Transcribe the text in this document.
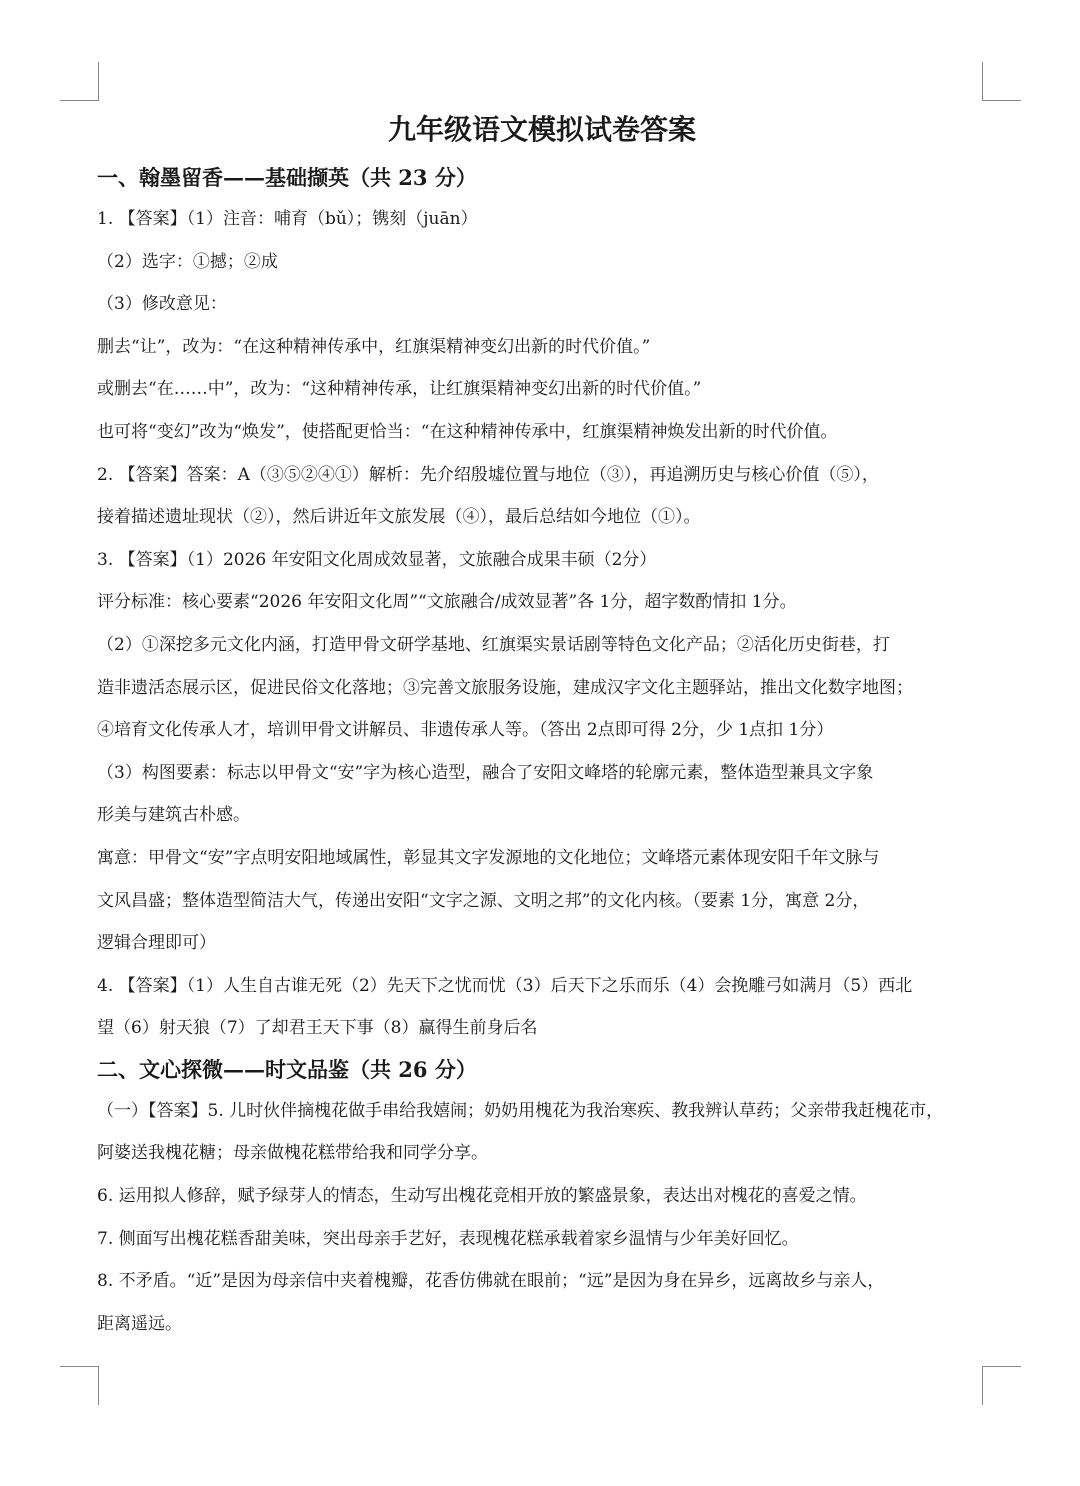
九年级语文模拟试卷答案
一、翰墨留香——基础撷英（共 23 分）

1. 【答案】（1）注音：哺育（bǔ）；镌刻（juān）

（2）选字：①撼；②成

（3）修改意见：

删去“让”，改为：“在这种精神传承中，红旗渠精神变幻出新的时代价值。”

或删去“在……中”，改为：“这种精神传承，让红旗渠精神变幻出新的时代价值。”

也可将“变幻”改为“焕发”，使搭配更恰当：“在这种精神传承中，红旗渠精神焕发出新的时代价值。

2. 【答案】答案：A（③⑤②④①）解析：先介绍殷墟位置与地位（③），再追溯历史与核心价值（⑤），

接着描述遗址现状（②），然后讲近年文旅发展（④），最后总结如今地位（①）。

3. 【答案】（1）2026 年安阳文化周成效显著，文旅融合成果丰硕（2分）

评分标准：核心要素“2026 年安阳文化周”“文旅融合/成效显著”各 1分，超字数酌情扣 1分。

（2）①深挖多元文化内涵，打造甲骨文研学基地、红旗渠实景话剧等特色文化产品；②活化历史街巷，打

造非遗活态展示区，促进民俗文化落地；③完善文旅服务设施，建成汉字文化主题驿站，推出文化数字地图；

④培育文化传承人才，培训甲骨文讲解员、非遗传承人等。（答出 2点即可得 2分，少 1点扣 1分）

（3）构图要素：标志以甲骨文“安”字为核心造型，融合了安阳文峰塔的轮廓元素，整体造型兼具文字象

形美与建筑古朴感。

寓意：甲骨文“安”字点明安阳地域属性，彰显其文字发源地的文化地位；文峰塔元素体现安阳千年文脉与

文风昌盛；整体造型简洁大气，传递出安阳“文字之源、文明之邦”的文化内核。（要素 1分，寓意 2分，

逻辑合理即可）

4. 【答案】（1）人生自古谁无死（2）先天下之忧而忧（3）后天下之乐而乐（4）会挽雕弓如满月（5）西北

望（6）射天狼（7）了却君王天下事（8）赢得生前身后名

二、文心探微——时文品鉴（共 26 分）

（一）【答案】5. 儿时伙伴摘槐花做手串给我嬉闹；奶奶用槐花为我治寒疾、教我辨认草药；父亲带我赶槐花市，

阿婆送我槐花糖；母亲做槐花糕带给我和同学分享。

6. 运用拟人修辞，赋予绿芽人的情态，生动写出槐花竞相开放的繁盛景象，表达出对槐花的喜爱之情。

7. 侧面写出槐花糕香甜美味，突出母亲手艺好，表现槐花糕承载着家乡温情与少年美好回忆。

8. 不矛盾。“近”是因为母亲信中夹着槐瓣，花香仿佛就在眼前；“远”是因为身在异乡，远离故乡与亲人，

距离遥远。
